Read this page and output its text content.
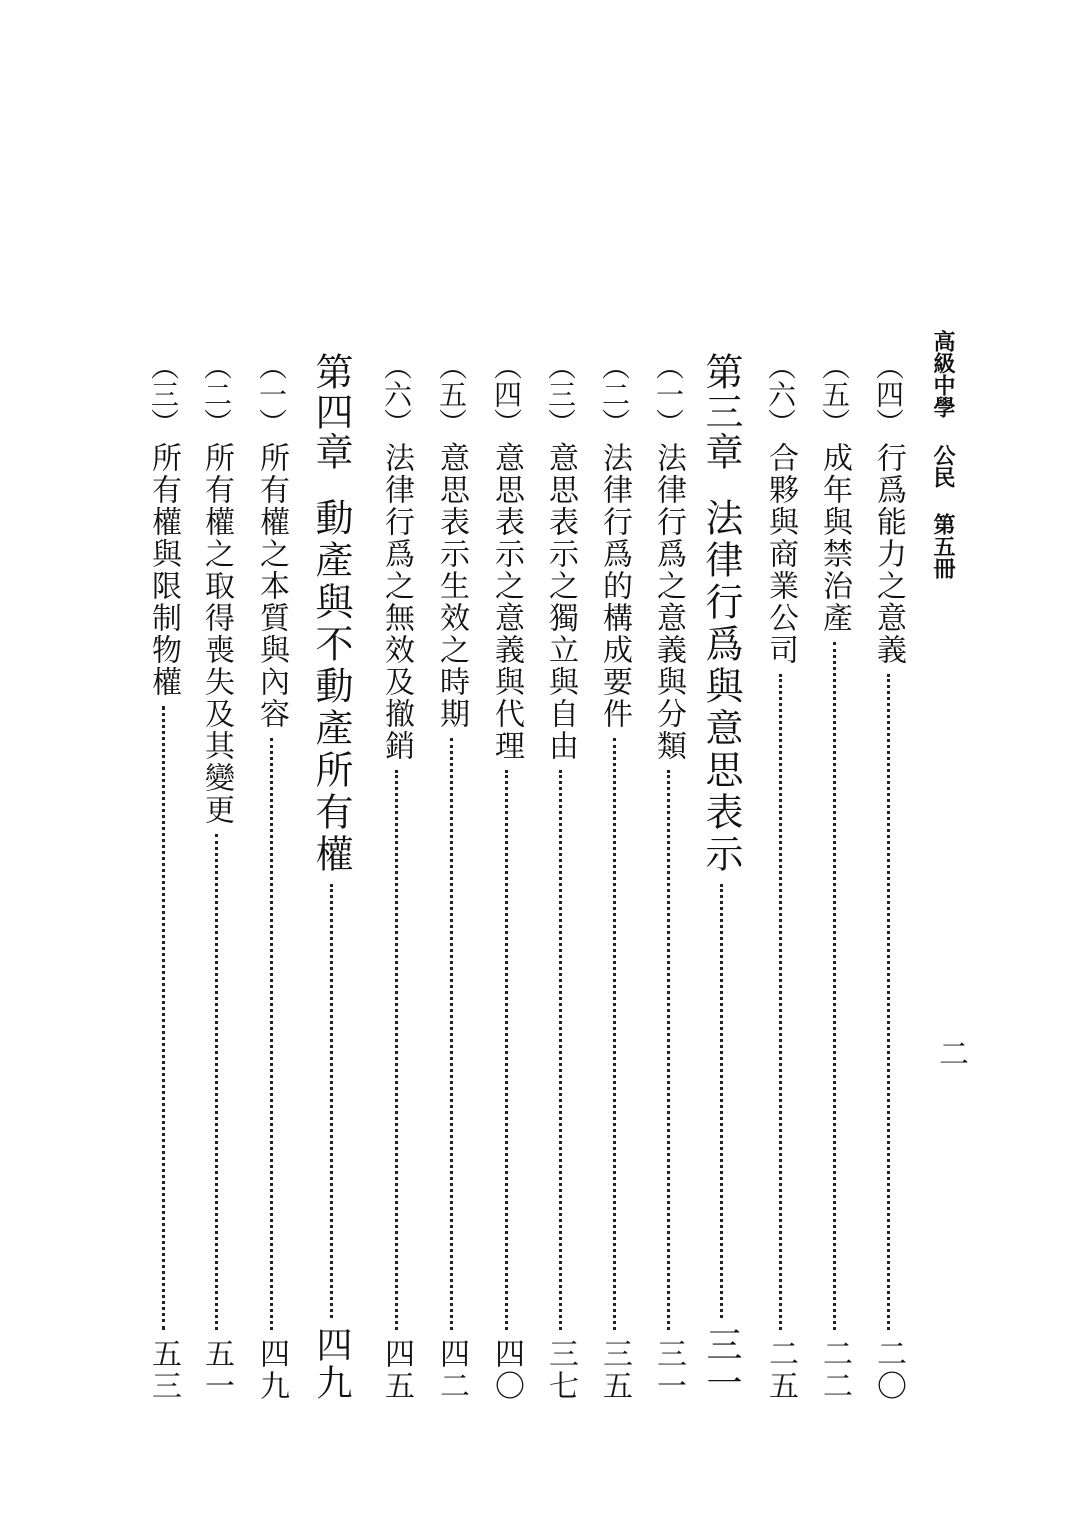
高級中學 公民 第五冊
二
（四）
行爲能力之意義
二〇
（五）
成年與禁治產
二二
（六）
合夥與商業公司
二五
第三章
法律行爲與意思表示
三一
（一）
法律行爲之意義與分類
三一
（二）
法律行爲的構成要件
三五
（三）
意思表示之獨立與自由
三七
（四）
意思表示之意義與代理
四〇
（五）
意思表示生效之時期
四二
（六）
法律行爲之無效及撤銷
四五
第四章
動產與不動產所有權
四九
（一）
所有權之本質與內容
四九
（二）
所有權之取得喪失及其變更
五一
（三）
所有權與限制物權
五三
